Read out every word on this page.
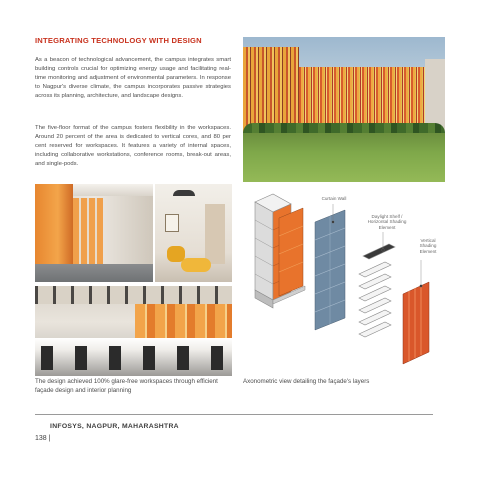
INTEGRATING TECHNOLOGY WITH DESIGN
As a beacon of technological advancement, the campus integrates smart building controls crucial for optimizing energy usage and facilitating real-time monitoring and adjustment of environmental parameters. In response to Nagpur's diverse climate, the campus incorporates passive strategies across its planning, architecture, and landscape designs.
The five-floor format of the campus fosters flexibility in the workspaces. Around 20 percent of the area is dedicated to vertical cores, and 80 per cent reserved for workspaces. It features a variety of internal spaces, including collaborative workstations, conference rooms, break-out areas, and single-pods.
Curtain Wall
Daylight Shelf / Horizontal Shading Element
Vertical Shading Element
The design achieved 100% glare-free workspaces through efficient façade design and interior planning
Axonometric view detailing the façade's layers
INFOSYS, NAGPUR, MAHARASHTRA
138 |
